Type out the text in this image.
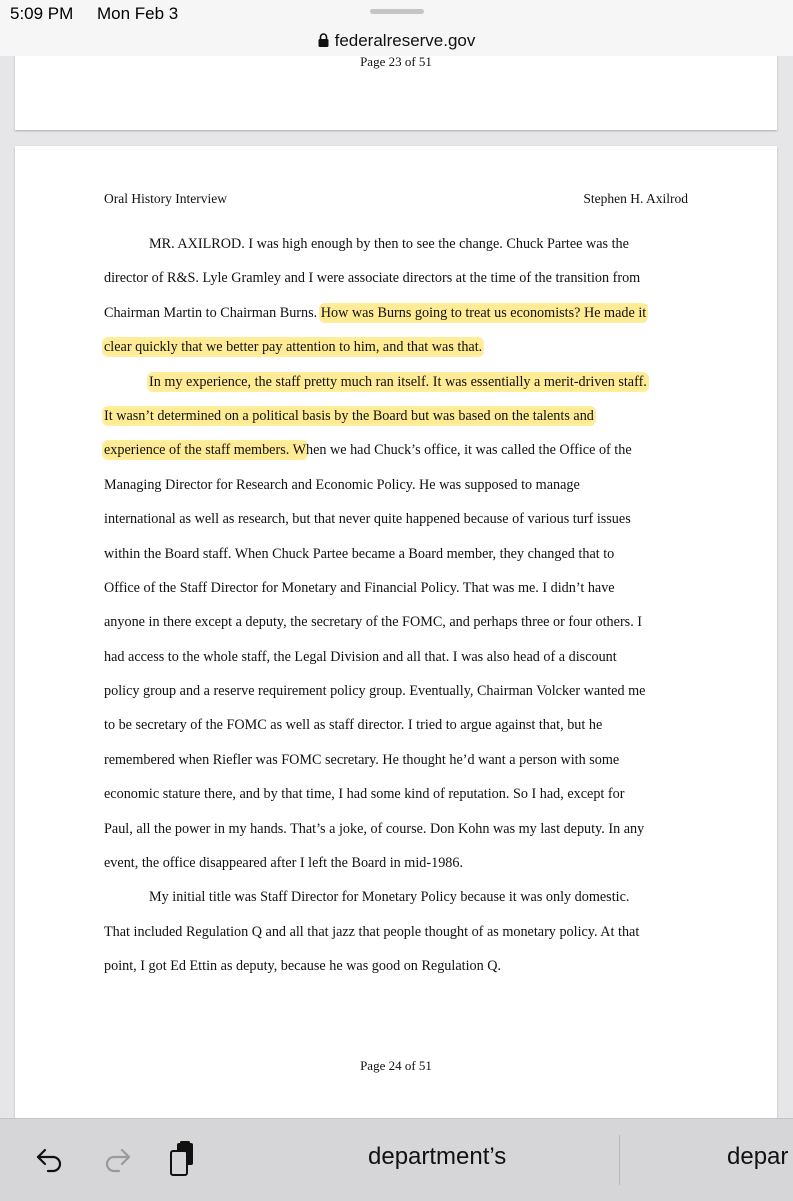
5:09 PM Mon Feb 3
federalreserve.gov
Page 23 of 51
Oral History Interview	Stephen H. Axilrod
MR. AXILROD. I was high enough by then to see the change. Chuck Partee was the
director of R&S. Lyle Gramley and I were associate directors at the time of the transition from
Chairman Martin to Chairman Burns. How was Burns going to treat us economists? He made it
clear quickly that we better pay attention to him, and that was that.
In my experience, the staff pretty much ran itself. It was essentially a merit-driven staff.
It wasn’t determined on a political basis by the Board but was based on the talents and
experience of the staff members. When we had Chuck’s office, it was called the Office of the
Managing Director for Research and Economic Policy. He was supposed to manage
international as well as research, but that never quite happened because of various turf issues
within the Board staff. When Chuck Partee became a Board member, they changed that to
Office of the Staff Director for Monetary and Financial Policy. That was me. I didn’t have
anyone in there except a deputy, the secretary of the FOMC, and perhaps three or four others. I
had access to the whole staff, the Legal Division and all that. I was also head of a discount
policy group and a reserve requirement policy group. Eventually, Chairman Volcker wanted me
to be secretary of the FOMC as well as staff director. I tried to argue against that, but he
remembered when Riefler was FOMC secretary. He thought he’d want a person with some
economic stature there, and by that time, I had some kind of reputation. So I had, except for
Paul, all the power in my hands. That’s a joke, of course. Don Kohn was my last deputy. In any
event, the office disappeared after I left the Board in mid-1986.
My initial title was Staff Director for Monetary Policy because it was only domestic.
That included Regulation Q and all that jazz that people thought of as monetary policy. At that
point, I got Ed Ettin as deputy, because he was good on Regulation Q.
Page 24 of 51
department’s	depar
